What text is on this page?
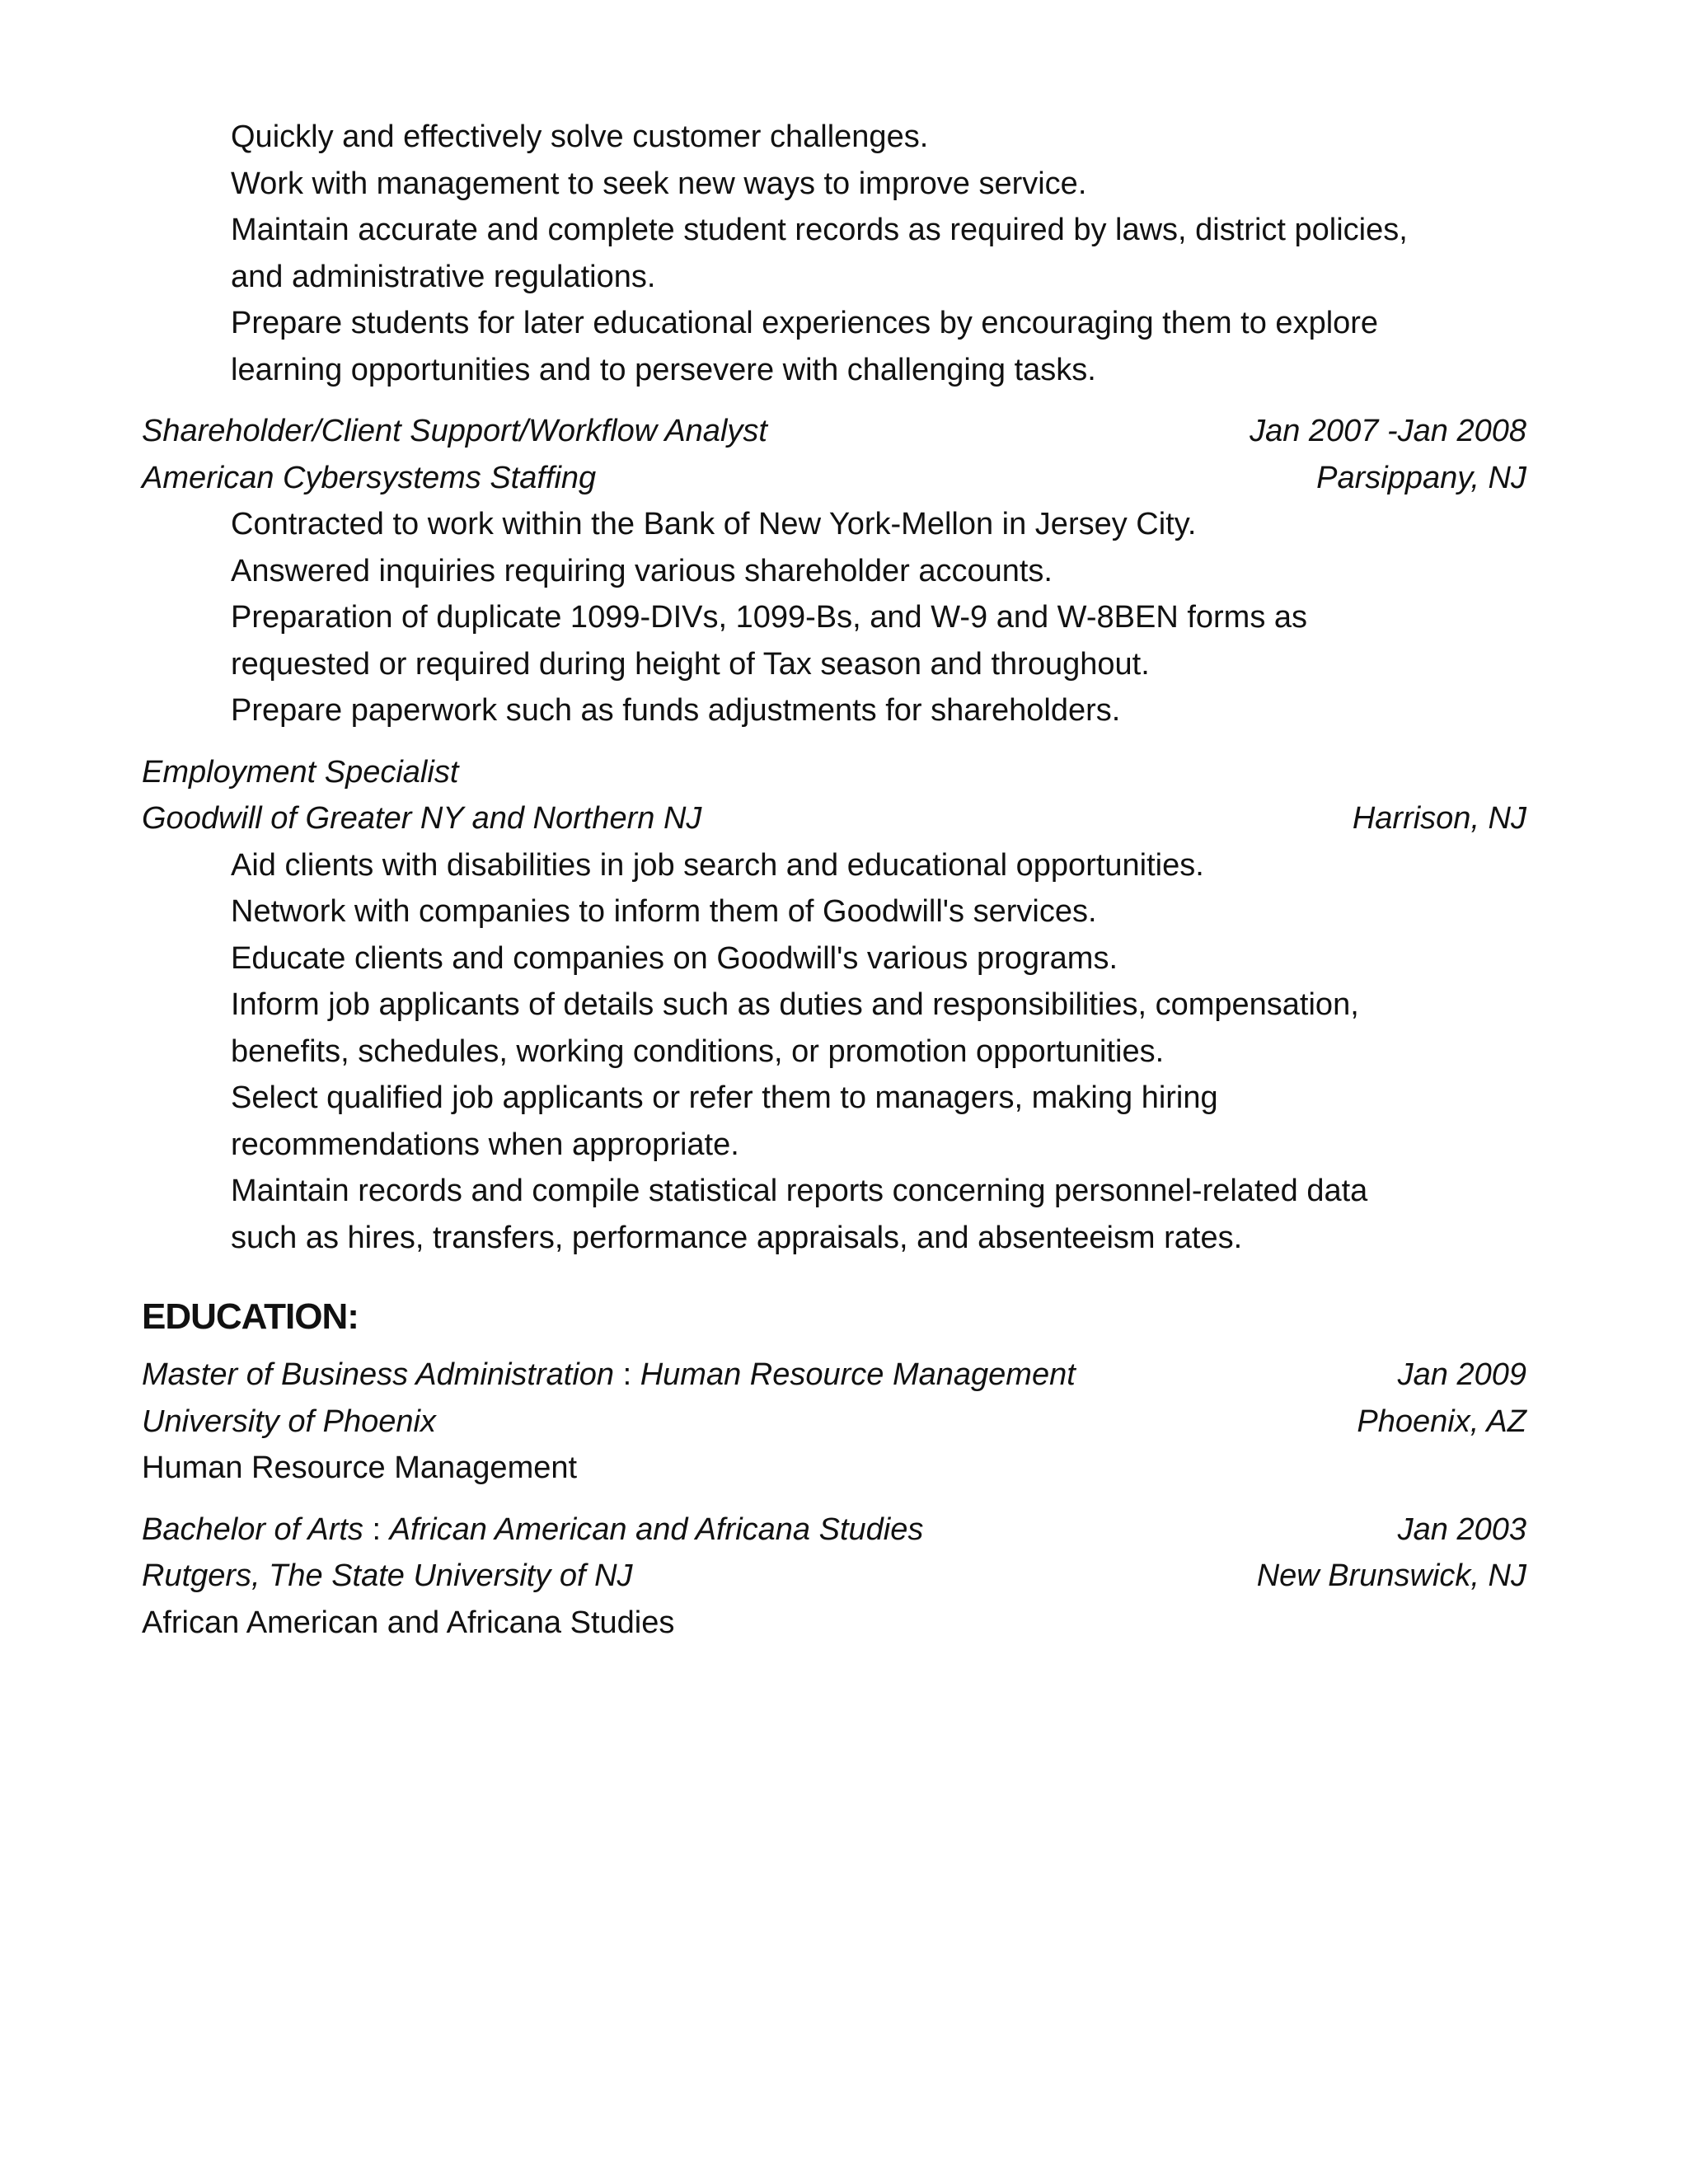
Quickly and effectively solve customer challenges.
Work with management to seek new ways to improve service.
Maintain accurate and complete student records as required by laws, district policies,
and administrative regulations.
Prepare students for later educational experiences by encouraging them to explore
learning opportunities and to persevere with challenging tasks.
Shareholder/Client Support/Workflow Analyst	Jan 2007 -Jan 2008
American Cybersystems Staffing	Parsippany, NJ
Contracted to work within the Bank of New York-Mellon in Jersey City.
Answered inquiries requiring various shareholder accounts.
Preparation of duplicate 1099-DIVs, 1099-Bs, and W-9 and W-8BEN forms as
requested or required during height of Tax season and throughout.
Prepare paperwork such as funds adjustments for shareholders.
Employment Specialist
Goodwill of Greater NY and Northern NJ	Harrison, NJ
Aid clients with disabilities in job search and educational opportunities.
Network with companies to inform them of Goodwill's services.
Educate clients and companies on Goodwill's various programs.
Inform job applicants of details such as duties and responsibilities, compensation,
benefits, schedules, working conditions, or promotion opportunities.
Select qualified job applicants or refer them to managers, making hiring
recommendations when appropriate.
Maintain records and compile statistical reports concerning personnel-related data
such as hires, transfers, performance appraisals, and absenteeism rates.
EDUCATION:
Master of Business Administration : Human Resource Management	Jan 2009
University of Phoenix	Phoenix, AZ
Human Resource Management
Bachelor of Arts : African American and Africana Studies	Jan 2003
Rutgers, The State University of NJ	New Brunswick, NJ
African American and Africana Studies
